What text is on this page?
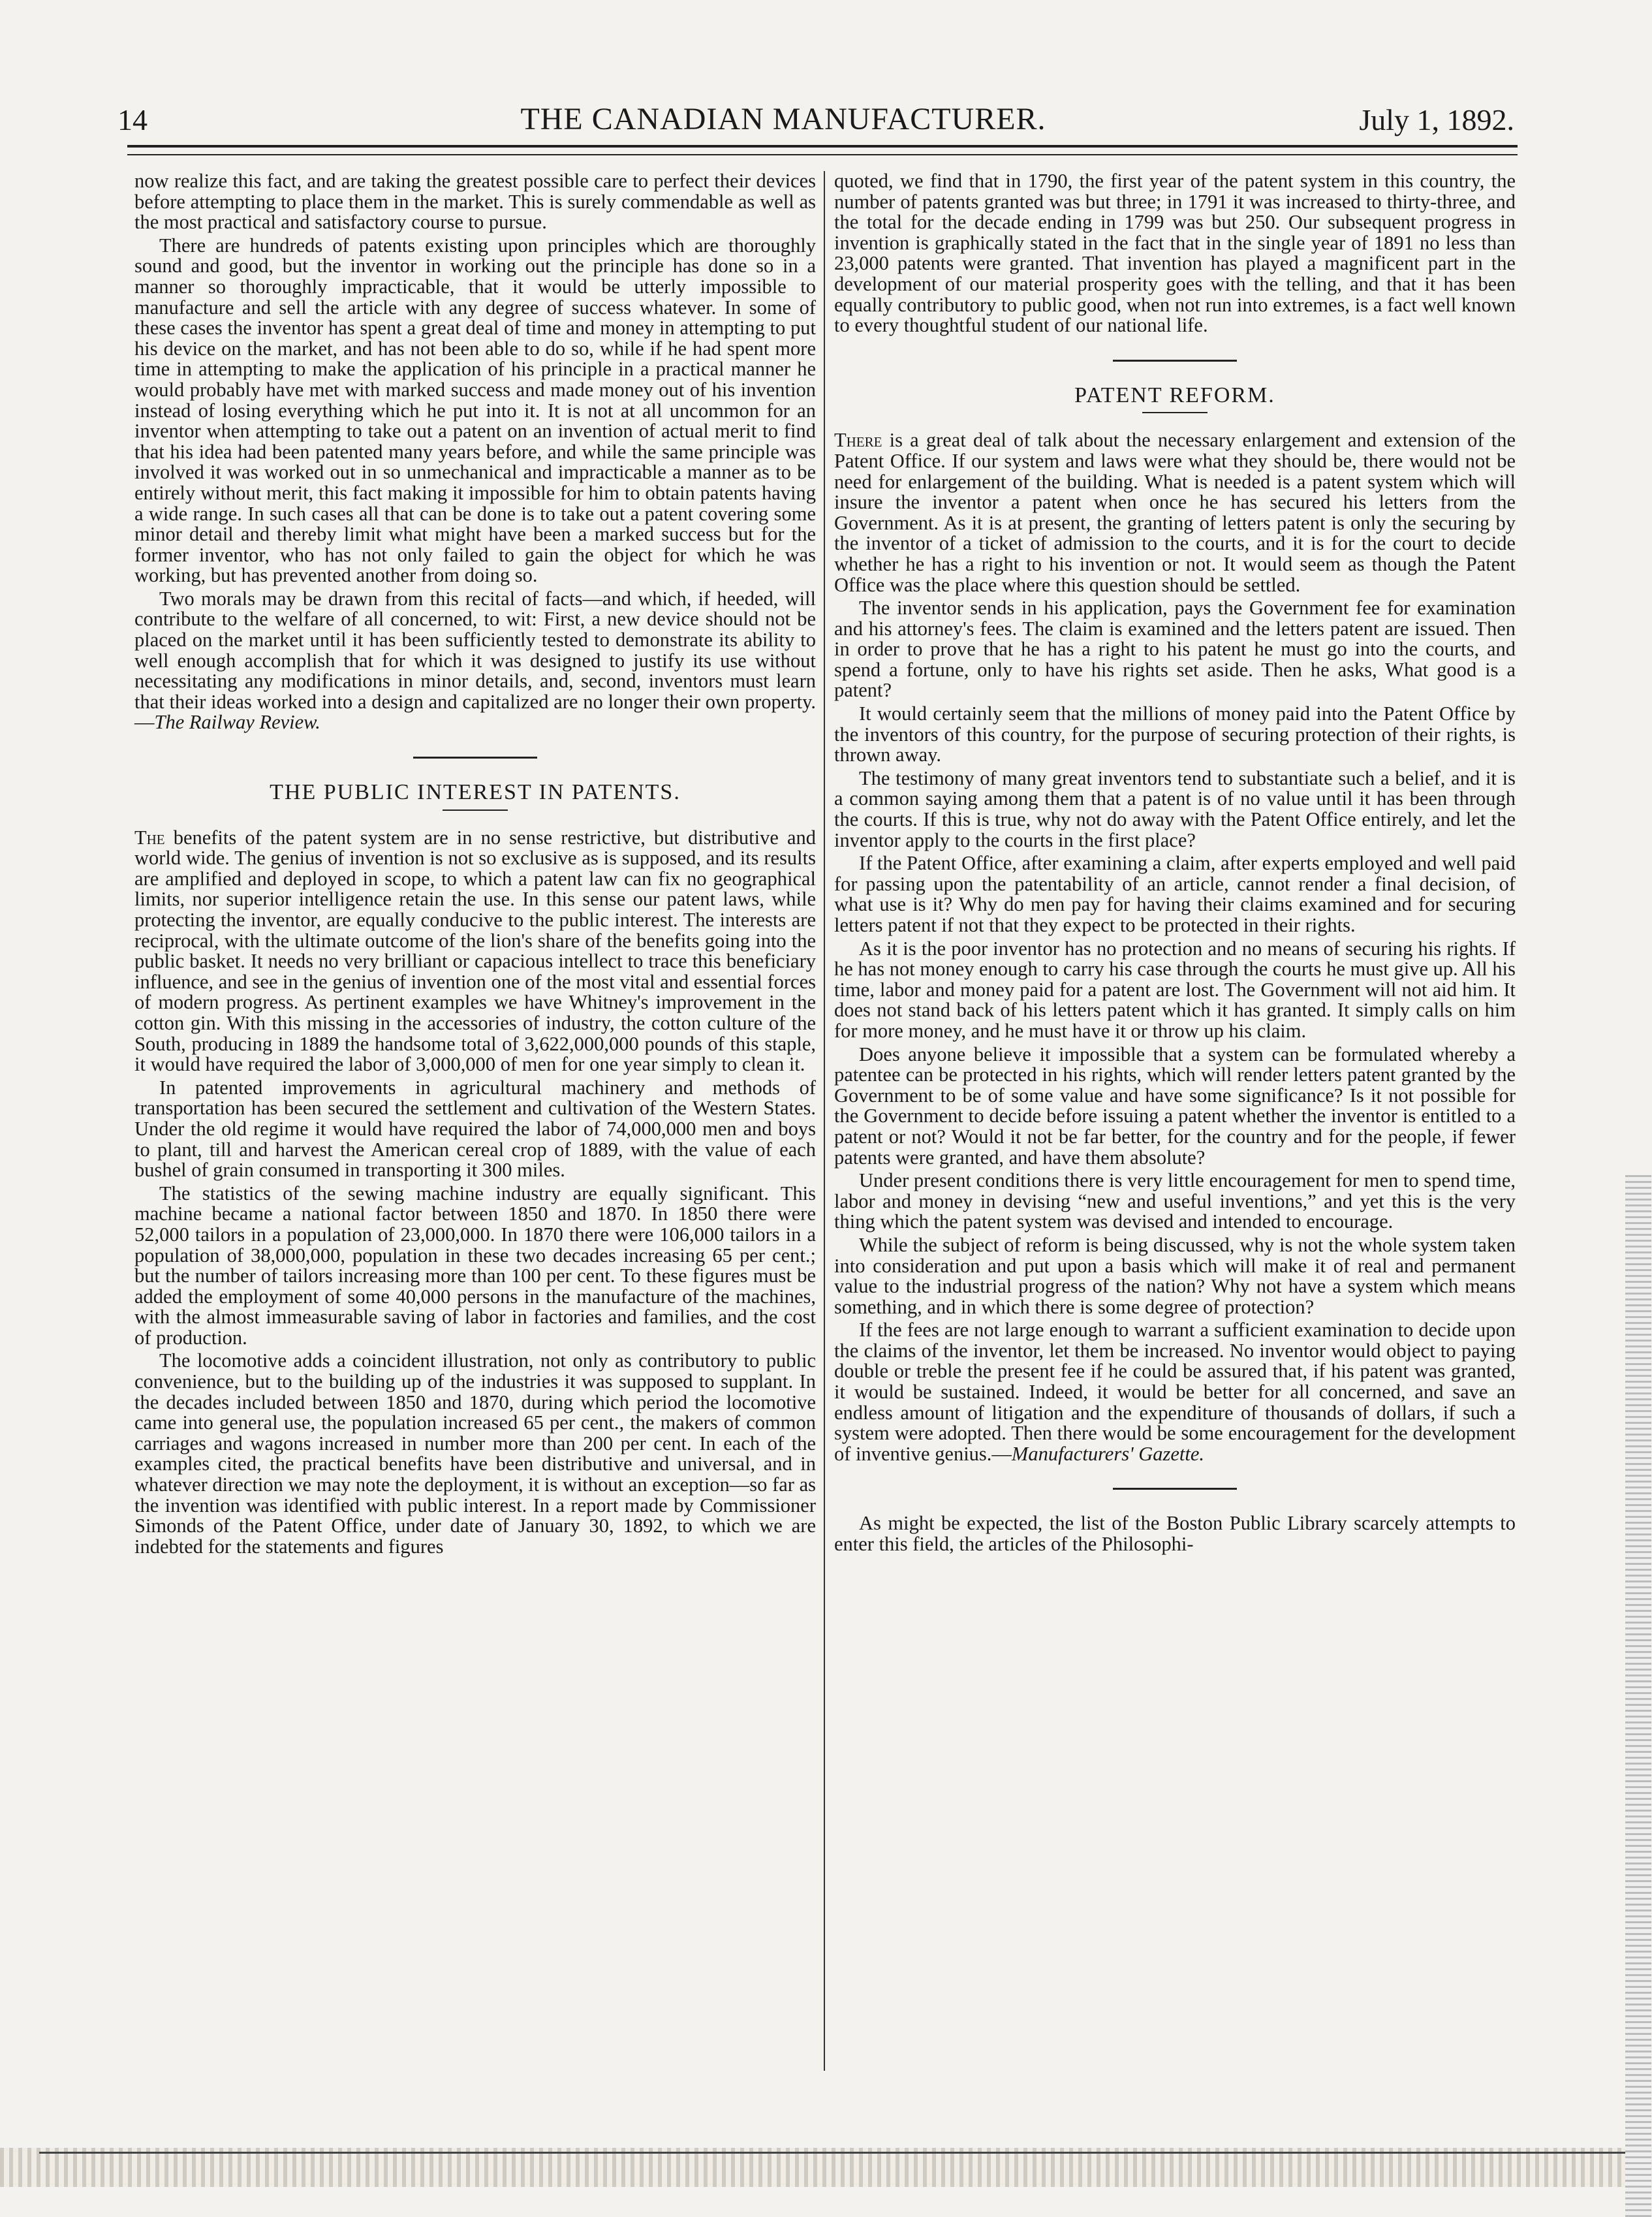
14	THE CANADIAN MANUFACTURER.	July 1, 1892.

now realize this fact, and are taking the greatest possible care to perfect their devices before attempting to place them in the market. This is surely commendable as well as the most practical and satisfactory course to pursue.

There are hundreds of patents existing upon principles which are thoroughly sound and good, but the inventor in working out the principle has done so in a manner so thoroughly impracticable, that it would be utterly impossible to manufacture and sell the article with any degree of success whatever. In some of these cases the inventor has spent a great deal of time and money in attempting to put his device on the market, and has not been able to do so, while if he had spent more time in attempting to make the application of his principle in a practical manner he would probably have met with marked success and made money out of his invention instead of losing everything which he put into it. It is not at all uncommon for an inventor when attempting to take out a patent on an invention of actual merit to find that his idea had been patented many years before, and while the same principle was involved it was worked out in so unmechanical and impracticable a manner as to be entirely without merit, this fact making it impossible for him to obtain patents having a wide range. In such cases all that can be done is to take out a patent covering some minor detail and thereby limit what might have been a marked success but for the former inventor, who has not only failed to gain the object for which he was working, but has prevented another from doing so.

Two morals may be drawn from this recital of facts—and which, if heeded, will contribute to the welfare of all concerned, to wit: First, a new device should not be placed on the market until it has been sufficiently tested to demonstrate its ability to well enough accomplish that for which it was designed to justify its use without necessitating any modifications in minor details, and, second, inventors must learn that their ideas worked into a design and capitalized are no longer their own property.—The Railway Review.

THE PUBLIC INTEREST IN PATENTS.

The benefits of the patent system are in no sense restrictive, but distributive and world wide. The genius of invention is not so exclusive as is supposed, and its results are amplified and deployed in scope, to which a patent law can fix no geographical limits, nor superior intelligence retain the use. In this sense our patent laws, while protecting the inventor, are equally conducive to the public interest. The interests are reciprocal, with the ultimate outcome of the lion's share of the benefits going into the public basket. It needs no very brilliant or capacious intellect to trace this beneficiary influence, and see in the genius of invention one of the most vital and essential forces of modern progress. As pertinent examples we have Whitney's improvement in the cotton gin. With this missing in the accessories of industry, the cotton culture of the South, producing in 1889 the handsome total of 3,622,000,000 pounds of this staple, it would have required the labor of 3,000,000 of men for one year simply to clean it.

In patented improvements in agricultural machinery and methods of transportation has been secured the settlement and cultivation of the Western States. Under the old regime it would have required the labor of 74,000,000 men and boys to plant, till and harvest the American cereal crop of 1889, with the value of each bushel of grain consumed in transporting it 300 miles.

The statistics of the sewing machine industry are equally significant. This machine became a national factor between 1850 and 1870. In 1850 there were 52,000 tailors in a population of 23,000,000. In 1870 there were 106,000 tailors in a population of 38,000,000, population in these two decades increasing 65 per cent.; but the number of tailors increasing more than 100 per cent. To these figures must be added the employment of some 40,000 persons in the manufacture of the machines, with the almost immeasurable saving of labor in factories and families, and the cost of production.

The locomotive adds a coincident illustration, not only as contributory to public convenience, but to the building up of the industries it was supposed to supplant. In the decades included between 1850 and 1870, during which period the locomotive came into general use, the population increased 65 per cent., the makers of common carriages and wagons increased in number more than 200 per cent. In each of the examples cited, the practical benefits have been distributive and universal, and in whatever direction we may note the deployment, it is without an exception—so far as the invention was identified with public interest. In a report made by Commissioner Simonds of the Patent Office, under date of January 30, 1892, to which we are indebted for the statements and figures

quoted, we find that in 1790, the first year of the patent system in this country, the number of patents granted was but three; in 1791 it was increased to thirty-three, and the total for the decade ending in 1799 was but 250. Our subsequent progress in invention is graphically stated in the fact that in the single year of 1891 no less than 23,000 patents were granted. That invention has played a magnificent part in the development of our material prosperity goes with the telling, and that it has been equally contributory to public good, when not run into extremes, is a fact well known to every thoughtful student of our national life.

PATENT REFORM.

There is a great deal of talk about the necessary enlargement and extension of the Patent Office. If our system and laws were what they should be, there would not be need for enlargement of the building. What is needed is a patent system which will insure the inventor a patent when once he has secured his letters from the Government. As it is at present, the granting of letters patent is only the securing by the inventor of a ticket of admission to the courts, and it is for the court to decide whether he has a right to his invention or not. It would seem as though the Patent Office was the place where this question should be settled.

The inventor sends in his application, pays the Government fee for examination and his attorney's fees. The claim is examined and the letters patent are issued. Then in order to prove that he has a right to his patent he must go into the courts, and spend a fortune, only to have his rights set aside. Then he asks, What good is a patent?

It would certainly seem that the millions of money paid into the Patent Office by the inventors of this country, for the purpose of securing protection of their rights, is thrown away.

The testimony of many great inventors tend to substantiate such a belief, and it is a common saying among them that a patent is of no value until it has been through the courts. If this is true, why not do away with the Patent Office entirely, and let the inventor apply to the courts in the first place?

If the Patent Office, after examining a claim, after experts employed and well paid for passing upon the patentability of an article, cannot render a final decision, of what use is it? Why do men pay for having their claims examined and for securing letters patent if not that they expect to be protected in their rights.

As it is the poor inventor has no protection and no means of securing his rights. If he has not money enough to carry his case through the courts he must give up. All his time, labor and money paid for a patent are lost. The Government will not aid him. It does not stand back of his letters patent which it has granted. It simply calls on him for more money, and he must have it or throw up his claim.

Does anyone believe it impossible that a system can be formulated whereby a patentee can be protected in his rights, which will render letters patent granted by the Government to be of some value and have some significance? Is it not possible for the Government to decide before issuing a patent whether the inventor is entitled to a patent or not? Would it not be far better, for the country and for the people, if fewer patents were granted, and have them absolute?

Under present conditions there is very little encouragement for men to spend time, labor and money in devising “new and useful inventions,” and yet this is the very thing which the patent system was devised and intended to encourage.

While the subject of reform is being discussed, why is not the whole system taken into consideration and put upon a basis which will make it of real and permanent value to the industrial progress of the nation? Why not have a system which means something, and in which there is some degree of protection?

If the fees are not large enough to warrant a sufficient examination to decide upon the claims of the inventor, let them be increased. No inventor would object to paying double or treble the present fee if he could be assured that, if his patent was granted, it would be sustained. Indeed, it would be better for all concerned, and save an endless amount of litigation and the expenditure of thousands of dollars, if such a system were adopted. Then there would be some encouragement for the development of inventive genius.—Manufacturers' Gazette.

As might be expected, the list of the Boston Public Library scarcely attempts to enter this field, the articles of the Philosophi-
